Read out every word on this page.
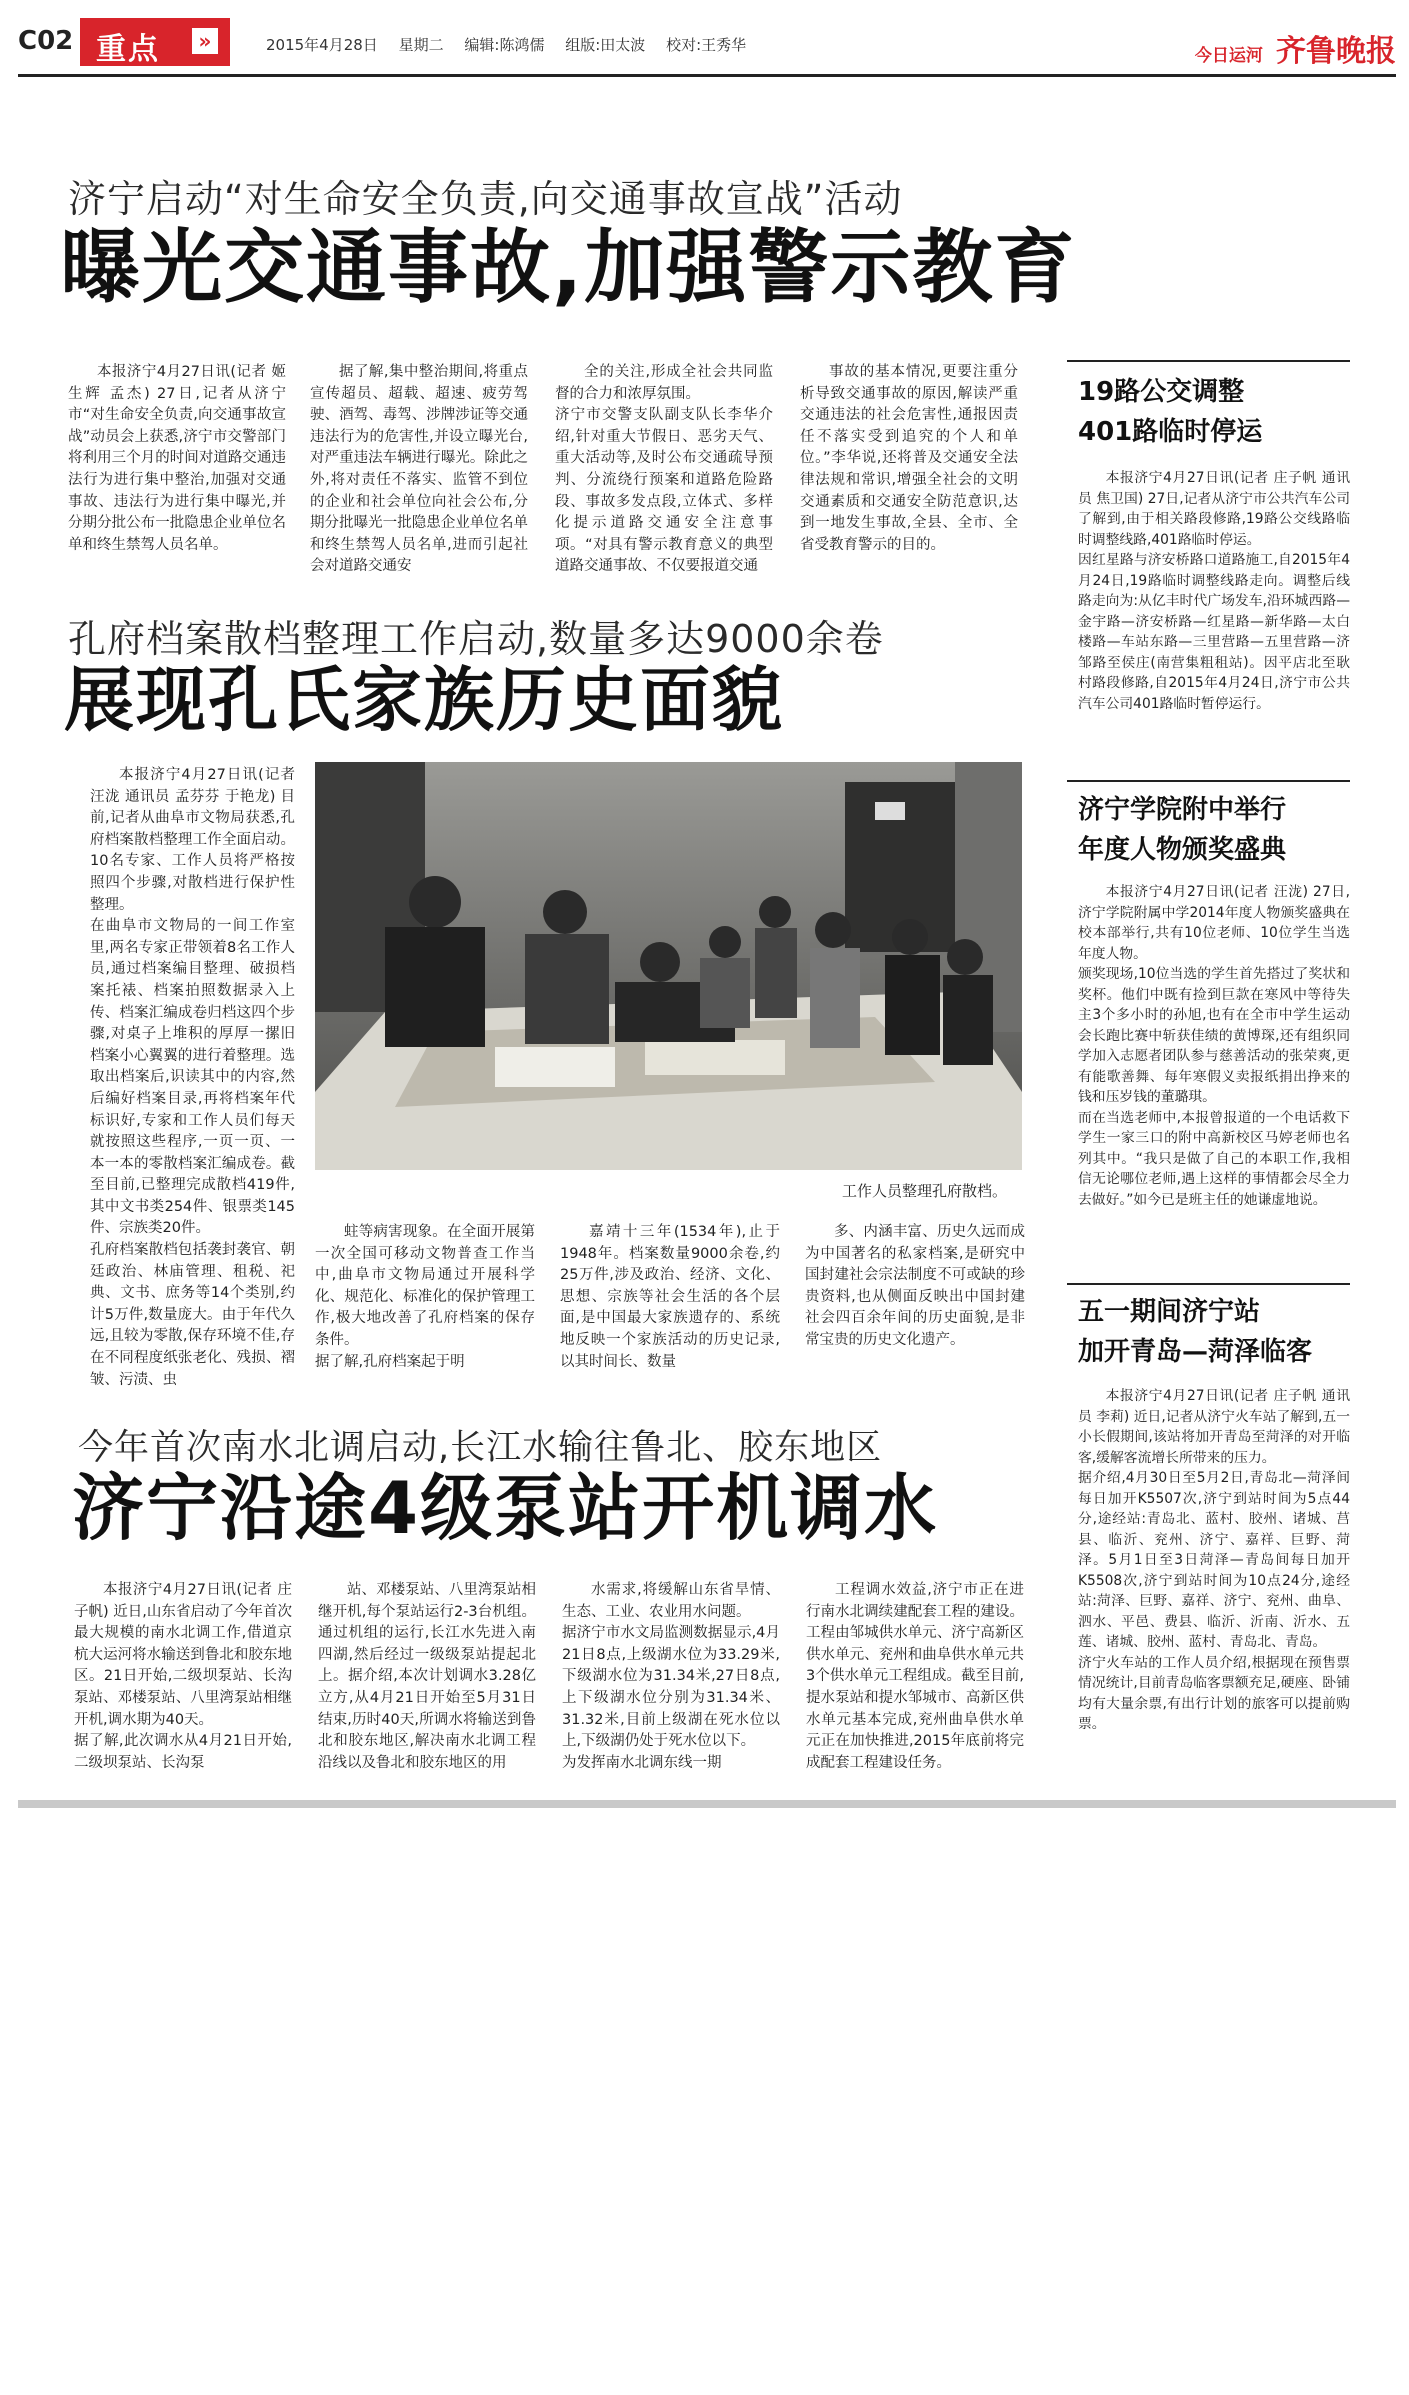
C02 重点	»	2015年4月28日 星期二 编辑:陈鸿儒 组版:田太波 校对:王秀华
今日运河 齐鲁晚报
济宁启动“对生命安全负责,向交通事故宣战”活动
曝光交通事故,加强警示教育

本报济宁4月27日讯(记者 姬生辉 孟杰) 27日,记者从济宁市“对生命安全负责,向交通事故宣战”动员会上获悉,济宁市交警部门将利用三个月的时间对道路交通违法行为进行集中整治,加强对交通事故、违法行为进行集中曝光,并分期分批公布一批隐患企业单位名单和终生禁驾人员名单。

据了解,集中整治期间,将重点宣传超员、超载、超速、疲劳驾驶、酒驾、毒驾、涉牌涉证等交通违法行为的危害性,并设立曝光台,对严重违法车辆进行曝光。除此之外,将对责任不落实、监管不到位的企业和社会单位向社会公布,分期分批曝光一批隐患企业单位名单和终生禁驾人员名单,进而引起社会对道路交通安

全的关注,形成全社会共同监督的合力和浓厚氛围。
济宁市交警支队副支队长李华介绍,针对重大节假日、恶劣天气、重大活动等,及时公布交通疏导预判、分流绕行预案和道路危险路段、事故多发点段,立体式、多样化提示道路交通安全注意事项。“对具有警示教育意义的典型道路交通事故、不仅要报道交通

事故的基本情况,更要注重分析导致交通事故的原因,解读严重交通违法的社会危害性,通报因责任不落实受到追究的个人和单位。”李华说,还将普及交通安全法律法规和常识,增强全社会的文明交通素质和交通安全防范意识,达到一地发生事故,全县、全市、全省受教育警示的目的。

19路公交调整
401路临时停运

本报济宁4月27日讯(记者 庄子帆 通讯员 焦卫国) 27日,记者从济宁市公共汽车公司了解到,由于相关路段修路,19路公交线路临时调整线路,401路临时停运。
因红星路与济安桥路口道路施工,自2015年4月24日,19路临时调整线路走向。调整后线路走向为:从亿丰时代广场发车,沿环城西路—金宇路—济安桥路—红星路—新华路—太白楼路—车站东路—三里营路—五里营路—济邹路至侯庄(南营集粗租站)。因平店北至耿村路段修路,自2015年4月24日,济宁市公共汽车公司401路临时暂停运行。

济宁学院附中举行
年度人物颁奖盛典

本报济宁4月27日讯(记者 汪泷) 27日,济宁学院附属中学2014年度人物颁奖盛典在校本部举行,共有10位老师、10位学生当选年度人物。
颁奖现场,10位当选的学生首先搭过了奖状和奖杯。他们中既有捡到巨款在寒风中等待失主3个多小时的孙旭,也有在全市中学生运动会长跑比赛中斩获佳绩的黄博琛,还有组织同学加入志愿者团队参与慈善活动的张荣爽,更有能歌善舞、每年寒假义卖报纸捐出挣来的钱和压岁钱的董璐琪。
而在当选老师中,本报曾报道的一个电话救下学生一家三口的附中高新校区马婷老师也名列其中。“我只是做了自己的本职工作,我相信无论哪位老师,遇上这样的事情都会尽全力去做好。”如今已是班主任的她谦虚地说。

五一期间济宁站
加开青岛—菏泽临客

本报济宁4月27日讯(记者 庄子帆 通讯员 李莉) 近日,记者从济宁火车站了解到,五一小长假期间,该站将加开青岛至菏泽的对开临客,缓解客流增长所带来的压力。
据介绍,4月30日至5月2日,青岛北—菏泽间每日加开K5507次,济宁到站时间为5点44分,途经站:青岛北、蓝村、胶州、诸城、莒县、临沂、兖州、济宁、嘉祥、巨野、菏泽。5月1日至3日菏泽—青岛间每日加开K5508次,济宁到站时间为10点24分,途经站:菏泽、巨野、嘉祥、济宁、兖州、曲阜、泗水、平邑、费县、临沂、沂南、沂水、五莲、诸城、胶州、蓝村、青岛北、青岛。
济宁火车站的工作人员介绍,根据现在预售票情况统计,目前青岛临客票额充足,硬座、卧铺均有大量余票,有出行计划的旅客可以提前购票。

孔府档案散档整理工作启动,数量多达9000余卷
展现孔氏家族历史面貌

本报济宁4月27日讯(记者 汪泷 通讯员 孟芬芬 于艳龙) 目前,记者从曲阜市文物局获悉,孔府档案散档整理工作全面启动。10名专家、工作人员将严格按照四个步骤,对散档进行保护性整理。
在曲阜市文物局的一间工作室里,两名专家正带领着8名工作人员,通过档案编目整理、破损档案托裱、档案拍照数据录入上传、档案汇编成卷归档这四个步骤,对桌子上堆积的厚厚一摞旧档案小心翼翼的进行着整理。选取出档案后,识读其中的内容,然后编好档案目录,再将档案年代标识好,专家和工作人员们每天就按照这些程序,一页一页、一本一本的零散档案汇编成卷。截至目前,已整理完成散档419件,其中文书类254件、银票类145件、宗族类20件。
孔府档案散档包括袭封袭官、朝廷政治、林庙管理、租税、祀典、文书、庶务等14个类别,约计5万件,数量庞大。由于年代久远,且较为零散,保存环境不佳,存在不同程度纸张老化、残损、褶皱、污渍、虫

工作人员整理孔府散档。

蛀等病害现象。在全面开展第一次全国可移动文物普查工作当中,曲阜市文物局通过开展科学化、规范化、标准化的保护管理工作,极大地改善了孔府档案的保存条件。
据了解,孔府档案起于明

嘉靖十三年(1534年),止于1948年。档案数量9000余卷,约25万件,涉及政治、经济、文化、思想、宗族等社会生活的各个层面,是中国最大家族遗存的、系统地反映一个家族活动的历史记录,以其时间长、数量

多、内涵丰富、历史久远而成为中国著名的私家档案,是研究中国封建社会宗法制度不可或缺的珍贵资料,也从侧面反映出中国封建社会四百余年间的历史面貌,是非常宝贵的历史文化遗产。

今年首次南水北调启动,长江水输往鲁北、胶东地区
济宁沿途4级泵站开机调水

本报济宁4月27日讯(记者 庄子帆) 近日,山东省启动了今年首次最大规模的南水北调工作,借道京杭大运河将水输送到鲁北和胶东地区。21日开始,二级坝泵站、长沟泵站、邓楼泵站、八里湾泵站相继开机,调水期为40天。
据了解,此次调水从4月21日开始,二级坝泵站、长沟泵

站、邓楼泵站、八里湾泵站相继开机,每个泵站运行2-3台机组。通过机组的运行,长江水先进入南四湖,然后经过一级级泵站提起北上。据介绍,本次计划调水3.28亿立方,从4月21日开始至5月31日结束,历时40天,所调水将输送到鲁北和胶东地区,解决南水北调工程沿线以及鲁北和胶东地区的用

水需求,将缓解山东省旱情、生态、工业、农业用水问题。
据济宁市水文局监测数据显示,4月21日8点,上级湖水位为33.29米,下级湖水位为31.34米,27日8点,上下级湖水位分别为31.34米、31.32米,目前上级湖在死水位以上,下级湖仍处于死水位以下。
为发挥南水北调东线一期

工程调水效益,济宁市正在进行南水北调续建配套工程的建设。工程由邹城供水单元、济宁高新区供水单元、兖州和曲阜供水单元共3个供水单元工程组成。截至目前,提水泵站和提水邹城市、高新区供水单元基本完成,兖州曲阜供水单元正在加快推进,2015年底前将完成配套工程建设任务。
